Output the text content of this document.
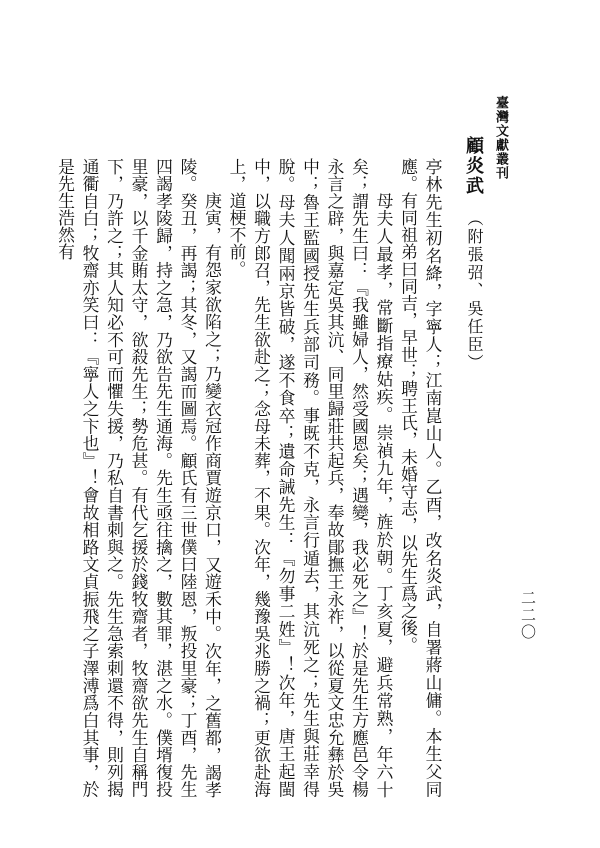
臺灣文獻叢刊
二二〇
顧炎武
（附張弨、吳任臣）

亭林先生初名絳，字寧人；江南崑山人。乙酉，改名炎武，自署蔣山傭。本生父同應。有同祖弟曰同吉，早世；聘王氏，未婚守志，以先生爲之後。

母夫人最孝，常斷指療姑疾。崇禎九年，旌於朝。丁亥夏，避兵常熟，年六十矣；謂先生曰：『我雖婦人，然受國恩矣；遇變，我必死之』！於是先生方應邑令楊永言之辟，與嘉定吳其沆、同里歸莊共起兵，奉故鄖撫王永祚，以從夏文忠允彝於吳中；魯王監國授先生兵部司務。事既不克，永言行遁去，其沆死之；先生與莊幸得脫。母夫人聞兩京皆破，遂不食卒；遺命誡先生：『勿事二姓』！次年，唐王起閩中，以職方郎召，先生欲赴之；念母未葬，不果。次年，幾豫吳兆勝之禍；更欲赴海上，道梗不前。

庚寅，有怨家欲陷之；乃變衣冠作商賈遊京口，又遊禾中。次年，之舊都，謁孝陵。癸丑，再謁；其冬，又謁而圖焉。顧氏有三世僕曰陸恩，叛投里豪；丁酉，先生四謁孝陵歸，持之急，乃欲告先生通海。先生亟往擒之，數其罪，湛之水。僕壻復投里豪，以千金賄太守，欲殺先生；勢危甚。有代乞援於錢牧齋者，牧齋欲先生自稱門下，乃許之；其人知必不可而懼失援，乃私自書刺與之。先生急索刺還不得，則列揭通衢自白；牧齋亦笑曰：『寧人之卞也』！會故相路文貞振飛之子澤溥爲白其事，於是先生浩然有
